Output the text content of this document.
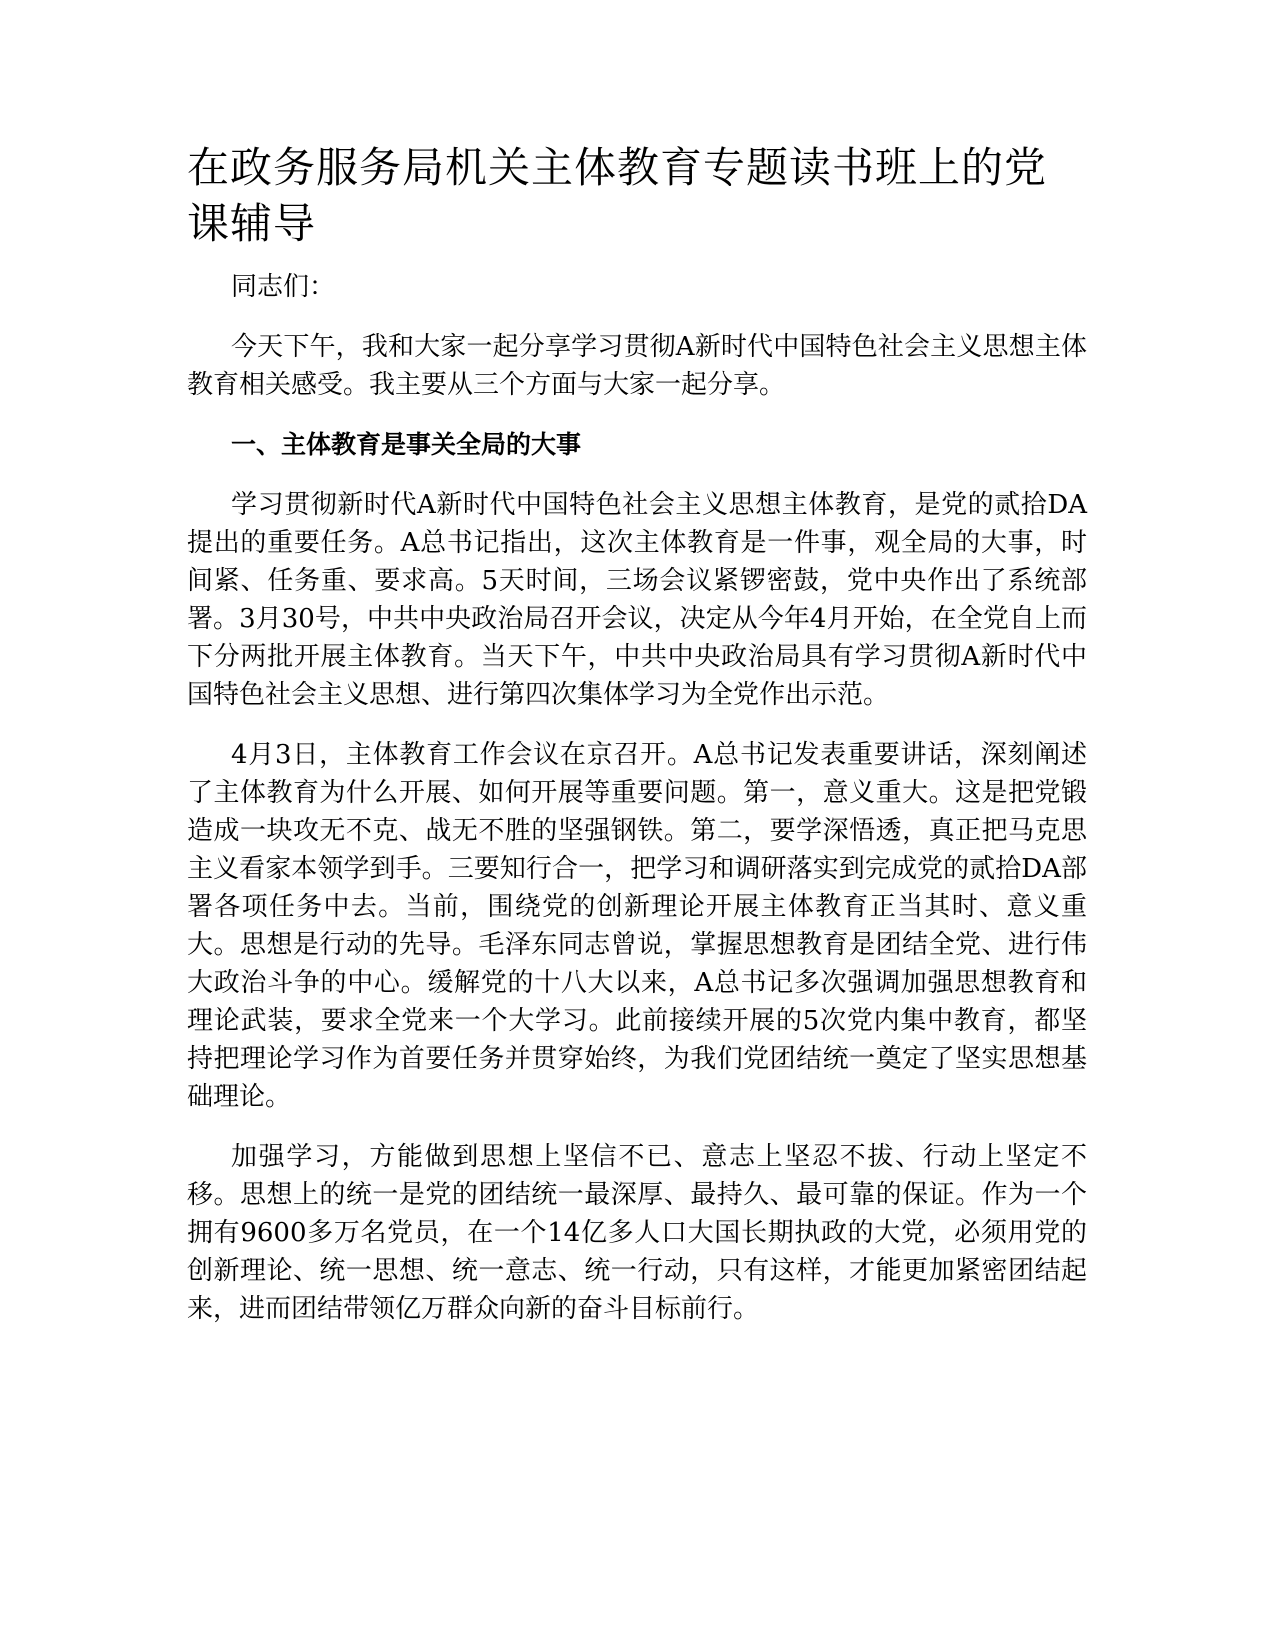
在政务服务局机关主体教育专题读书班上的党课辅导

同志们：

今天下午，我和大家一起分享学习贯彻A新时代中国特色社会主义思想主体教育相关感受。我主要从三个方面与大家一起分享。

一、主体教育是事关全局的大事

学习贯彻新时代A新时代中国特色社会主义思想主体教育，是党的贰拾DA提出的重要任务。A总书记指出，这次主体教育是一件事，观全局的大事，时间紧、任务重、要求高。5天时间，三场会议紧锣密鼓，党中央作出了系统部署。3月30号，中共中央政治局召开会议，决定从今年4月开始，在全党自上而下分两批开展主体教育。当天下午，中共中央政治局具有学习贯彻A新时代中国特色社会主义思想、进行第四次集体学习为全党作出示范。

4月3日，主体教育工作会议在京召开。A总书记发表重要讲话，深刻阐述了主体教育为什么开展、如何开展等重要问题。第一，意义重大。这是把党锻造成一块攻无不克、战无不胜的坚强钢铁。第二，要学深悟透，真正把马克思主义看家本领学到手。三要知行合一，把学习和调研落实到完成党的贰拾DA部署各项任务中去。当前，围绕党的创新理论开展主体教育正当其时、意义重大。思想是行动的先导。毛泽东同志曾说，掌握思想教育是团结全党、进行伟大政治斗争的中心。缓解党的十八大以来，A总书记多次强调加强思想教育和理论武装，要求全党来一个大学习。此前接续开展的5次党内集中教育，都坚持把理论学习作为首要任务并贯穿始终，为我们党团结统一奠定了坚实思想基础理论。

加强学习，方能做到思想上坚信不已、意志上坚忍不拔、行动上坚定不移。思想上的统一是党的团结统一最深厚、最持久、最可靠的保证。作为一个拥有9600多万名党员，在一个14亿多人口大国长期执政的大党，必须用党的创新理论、统一思想、统一意志、统一行动，只有这样，才能更加紧密团结起来，进而团结带领亿万群众向新的奋斗目标前行。
